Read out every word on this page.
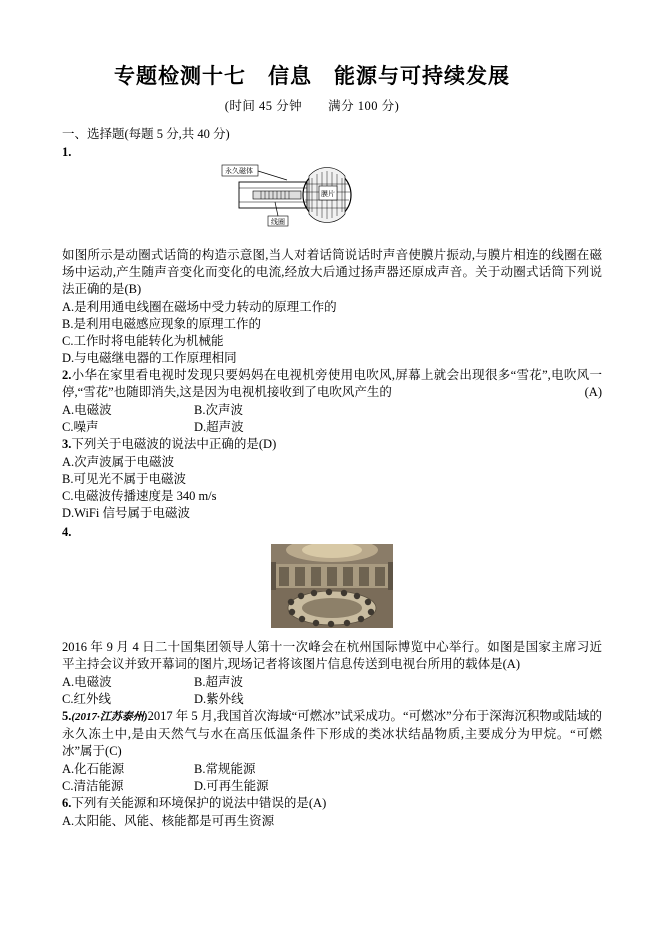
专题检测十七　信息　能源与可持续发展
(时间 45 分钟　　满分 100 分)
一、选择题(每题 5 分,共 40 分)
1.
永久磁体
线圈
膜片
如图所示是动圈式话筒的构造示意图,当人对着话筒说话时声音使膜片振动,与膜片相连的线圈在磁场中运动,产生随声音变化而变化的电流,经放大后通过扬声器还原成声音。关于动圈式话筒下列说法正确的是(B)
A.是利用通电线圈在磁场中受力转动的原理工作的
B.是利用电磁感应现象的原理工作的
C.工作时将电能转化为机械能
D.与电磁继电器的工作原理相同
2.小华在家里看电视时发现只要妈妈在电视机旁使用电吹风,屏幕上就会出现很多“雪花”,电吹风一停,“雪花”也随即消失,这是因为电视机接收到了电吹风产生的	(A)
A.电磁波	B.次声波
C.噪声	D.超声波
3.下列关于电磁波的说法中正确的是(D)
A.次声波属于电磁波
B.可见光不属于电磁波
C.电磁波传播速度是 340 m/s
D.WiFi 信号属于电磁波
4.
2016 年 9 月 4 日二十国集团领导人第十一次峰会在杭州国际博览中心举行。如图是国家主席习近平主持会议并致开幕词的图片,现场记者将该图片信息传送到电视台所用的载体是(A)
A.电磁波	B.超声波
C.红外线	D.紫外线
5.(2017·江苏泰州)2017 年 5 月,我国首次海域“可燃冰”试采成功。“可燃冰”分布于深海沉积物或陆域的永久冻土中,是由天然气与水在高压低温条件下形成的类冰状结晶物质,主要成分为甲烷。“可燃冰”属于(C)
A.化石能源	B.常规能源
C.清洁能源	D.可再生能源
6.下列有关能源和环境保护的说法中错误的是(A)
A.太阳能、风能、核能都是可再生资源
